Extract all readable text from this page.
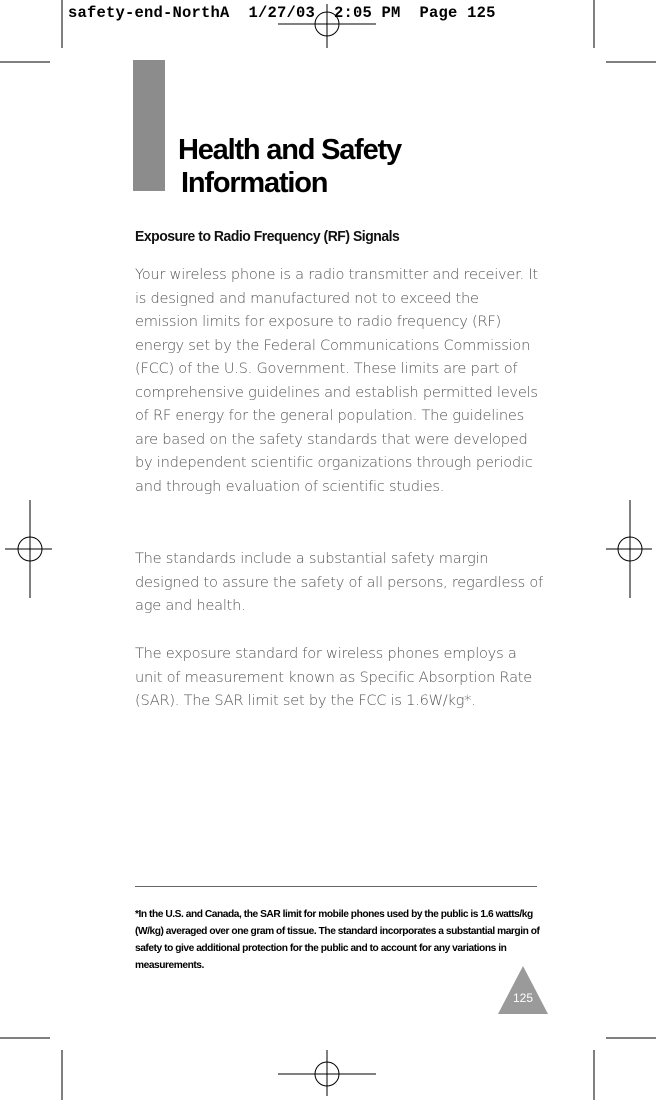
safety-end-NorthA  1/27/03  2:05 PM  Page 125
Health and Safety
Information
Exposure to Radio Frequency (RF) Signals

Your wireless phone is a radio transmitter and receiver. It is designed and manufactured not to exceed the emission limits for exposure to radio frequency (RF) energy set by the Federal Communications Commission (FCC) of the U.S. Government. These limits are part of comprehensive guidelines and establish permitted levels of RF energy for the general population. The guidelines are based on the safety standards that were developed by independent scientific organizations through periodic and through evaluation of scientific studies.

The standards include a substantial safety margin designed to assure the safety of all persons, regardless of age and health.

The exposure standard for wireless phones employs a unit of measurement known as Specific Absorption Rate (SAR). The SAR limit set by the FCC is 1.6W/kg*.

*In the U.S. and Canada, the SAR limit for mobile phones used by the public is 1.6 watts/kg (W/kg) averaged over one gram of tissue. The standard incorporates a substantial margin of safety to give additional protection for the public and to account for any variations in measurements.

125
